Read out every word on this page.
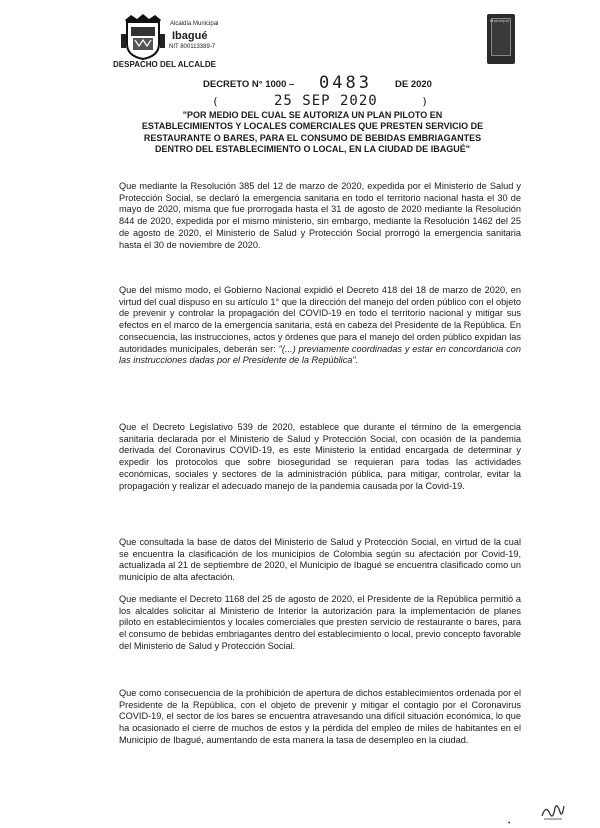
Alcaldía Municipal
Ibagué
NIT 800113389-7
DESPACHO DEL ALCALDE
Municipio
DECRETO N° 1000 – 0483 DE 2020
(	25 SEP 2020	)
"POR MEDIO DEL CUAL SE AUTORIZA UN PLAN PILOTO EN ESTABLECIMIENTOS Y LOCALES COMERCIALES QUE PRESTEN SERVICIO DE RESTAURANTE O BARES, PARA EL CONSUMO DE BEBIDAS EMBRIAGANTES DENTRO DEL ESTABLECIMIENTO O LOCAL, EN LA CIUDAD DE IBAGUÉ"

Que mediante la Resolución 385 del 12 de marzo de 2020, expedida por el Ministerio de Salud y Protección Social, se declaró la emergencia sanitaria en todo el territorio nacional hasta el 30 de mayo de 2020, misma que fue prorrogada hasta el 31 de agosto de 2020 mediante la Resolución 844 de 2020, expedida por el mismo ministerio, sin embargo, mediante la Resolución 1462 del 25 de agosto de 2020, el Ministerio de Salud y Protección Social prorrogó la emergencia sanitaria hasta el 30 de noviembre de 2020.

Que del mismo modo, el Gobierno Nacional expidió el Decreto 418 del 18 de marzo de 2020, en virtud del cual dispuso en su artículo 1° que la dirección del manejo del orden público con el objeto de prevenir y controlar la propagación del COVID-19 en todo el territorio nacional y mitigar sus efectos en el marco de la emergencia sanitaria, está en cabeza del Presidente de la República. En consecuencia, las instrucciones, actos y órdenes que para el manejo del orden público expidan las autoridades municipales, deberán ser: "(...) previamente coordinadas y estar en concordancia con las instrucciones dadas por el Presidente de la República".

Que el Decreto Legislativo 539 de 2020, establece que durante el término de la emergencia sanitaria declarada por el Ministerio de Salud y Protección Social, con ocasión de la pandemia derivada del Coronavirus COVID-19, es este Ministerio la entidad encargada de determinar y expedir los protocolos que sobre bioseguridad se requieran para todas las actividades económicas, sociales y sectores de la administración pública, para mitigar, controlar, evitar la propagación y realizar el adecuado manejo de la pandemia causada por la Covid-19.

Que consultada la base de datos del Ministerio de Salud y Protección Social, en virtud de la cual se encuentra la clasificación de los municipios de Colombia según su afectación por Covid-19, actualizada al 21 de septiembre de 2020, el Municipio de Ibagué se encuentra clasificado como un municipio de alta afectación.

Que mediante el Decreto 1168 del 25 de agosto de 2020, el Presidente de la República permitió a los alcaldes solicitar al Ministerio de Interior la autorización para la implementación de planes piloto en establecimientos y locales comerciales que presten servicio de restaurante o bares, para el consumo de bebidas embriagantes dentro del establecimiento o local, previo concepto favorable del Ministerio de Salud y Protección Social.

Que como consecuencia de la prohibición de apertura de dichos establecimientos ordenada por el Presidente de la República, con el objeto de prevenir y mitigar el contagio por el Coronavirus COVID-19, el sector de los bares se encuentra atravesando una difícil situación económica, lo que ha ocasionado el cierre de muchos de estos y la pérdida del empleo de miles de habitantes en el Municipio de Ibagué, aumentando de esta manera la tasa de desempleo en la ciudad.

•
